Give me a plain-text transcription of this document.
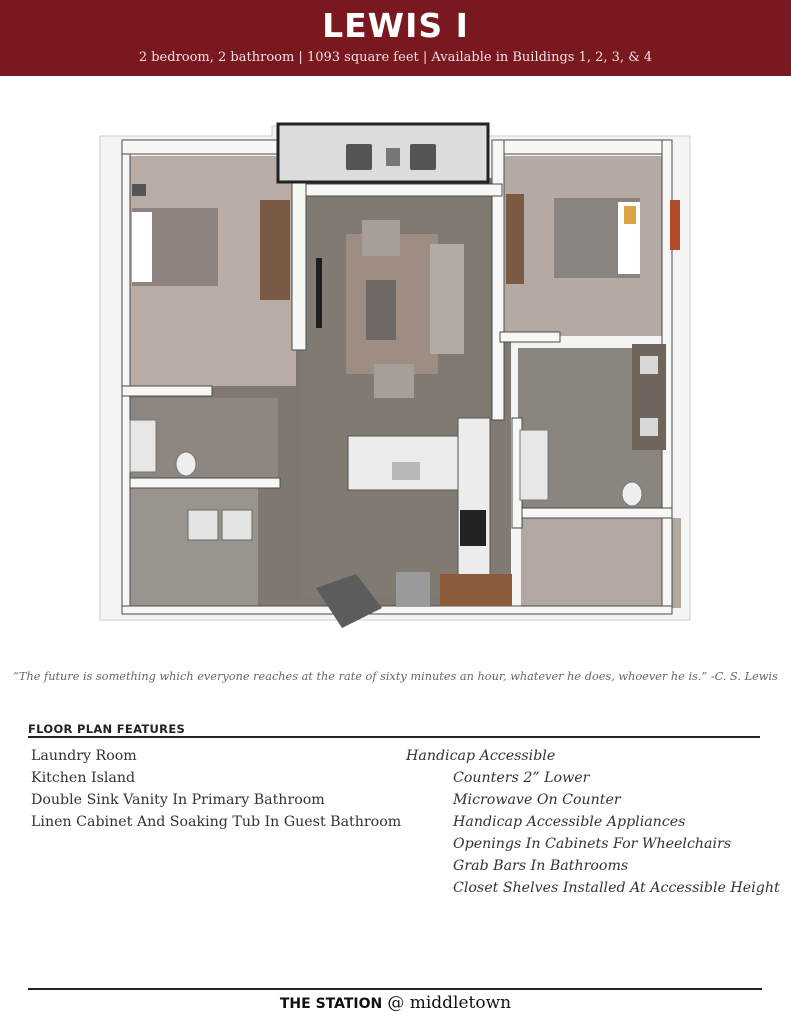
LEWIS I
2 bedroom, 2 bathroom | 1093 square feet | Available in Buildings 1, 2, 3, & 4
“The future is something which everyone reaches at the rate of sixty minutes an hour, whatever he does, whoever he is.” -C. S. Lewis
FLOOR PLAN FEATURES
Laundry Room
Kitchen Island
Double Sink Vanity In Primary Bathroom
Linen Cabinet And Soaking Tub In Guest Bathroom
Handicap Accessible
Counters 2” Lower
Microwave On Counter
Handicap Accessible Appliances
Openings In Cabinets For Wheelchairs
Grab Bars In Bathrooms
Closet Shelves Installed At Accessible Height
THE STATION @ middletown
